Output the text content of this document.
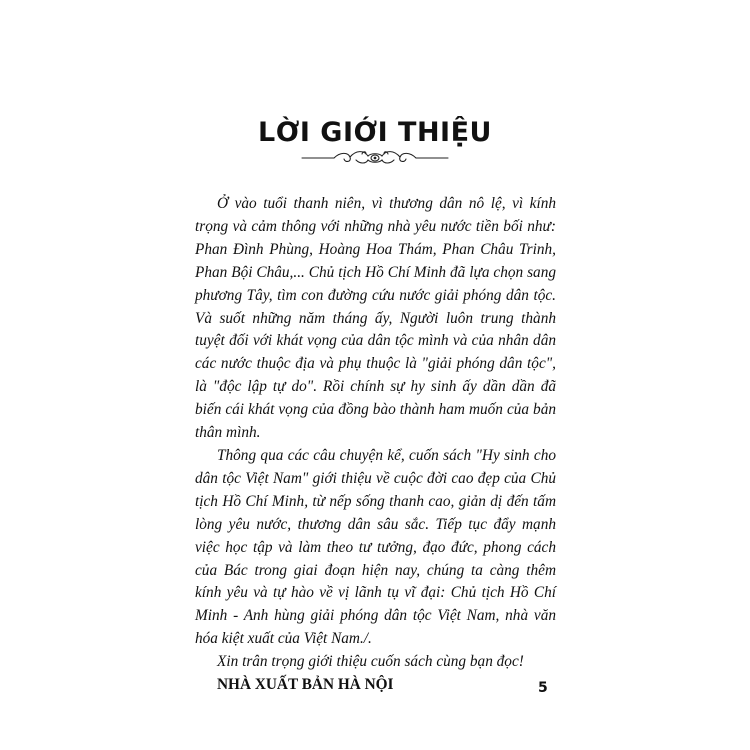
LỜI GIỚI THIỆU

Ở vào tuổi thanh niên, vì thương dân nô lệ, vì kính trọng và cảm thông với những nhà yêu nước tiền bối như: Phan Đình Phùng, Hoàng Hoa Thám, Phan Châu Trinh, Phan Bội Châu,... Chủ tịch Hồ Chí Minh đã lựa chọn sang phương Tây, tìm con đường cứu nước giải phóng dân tộc. Và suốt những năm tháng ấy, Người luôn trung thành tuyệt đối với khát vọng của dân tộc mình và của nhân dân các nước thuộc địa và phụ thuộc là "giải phóng dân tộc", là "độc lập tự do". Rồi chính sự hy sinh ấy dần dần đã biến cái khát vọng của đồng bào thành ham muốn của bản thân mình.

Thông qua các câu chuyện kể, cuốn sách "Hy sinh cho dân tộc Việt Nam" giới thiệu về cuộc đời cao đẹp của Chủ tịch Hồ Chí Minh, từ nếp sống thanh cao, giản dị đến tấm lòng yêu nước, thương dân sâu sắc. Tiếp tục đẩy mạnh việc học tập và làm theo tư tưởng, đạo đức, phong cách của Bác trong giai đoạn hiện nay, chúng ta càng thêm kính yêu và tự hào về vị lãnh tụ vĩ đại: Chủ tịch Hồ Chí Minh - Anh hùng giải phóng dân tộc Việt Nam, nhà văn hóa kiệt xuất của Việt Nam./.

Xin trân trọng giới thiệu cuốn sách cùng bạn đọc!

NHÀ XUẤT BẢN HÀ NỘI	5
